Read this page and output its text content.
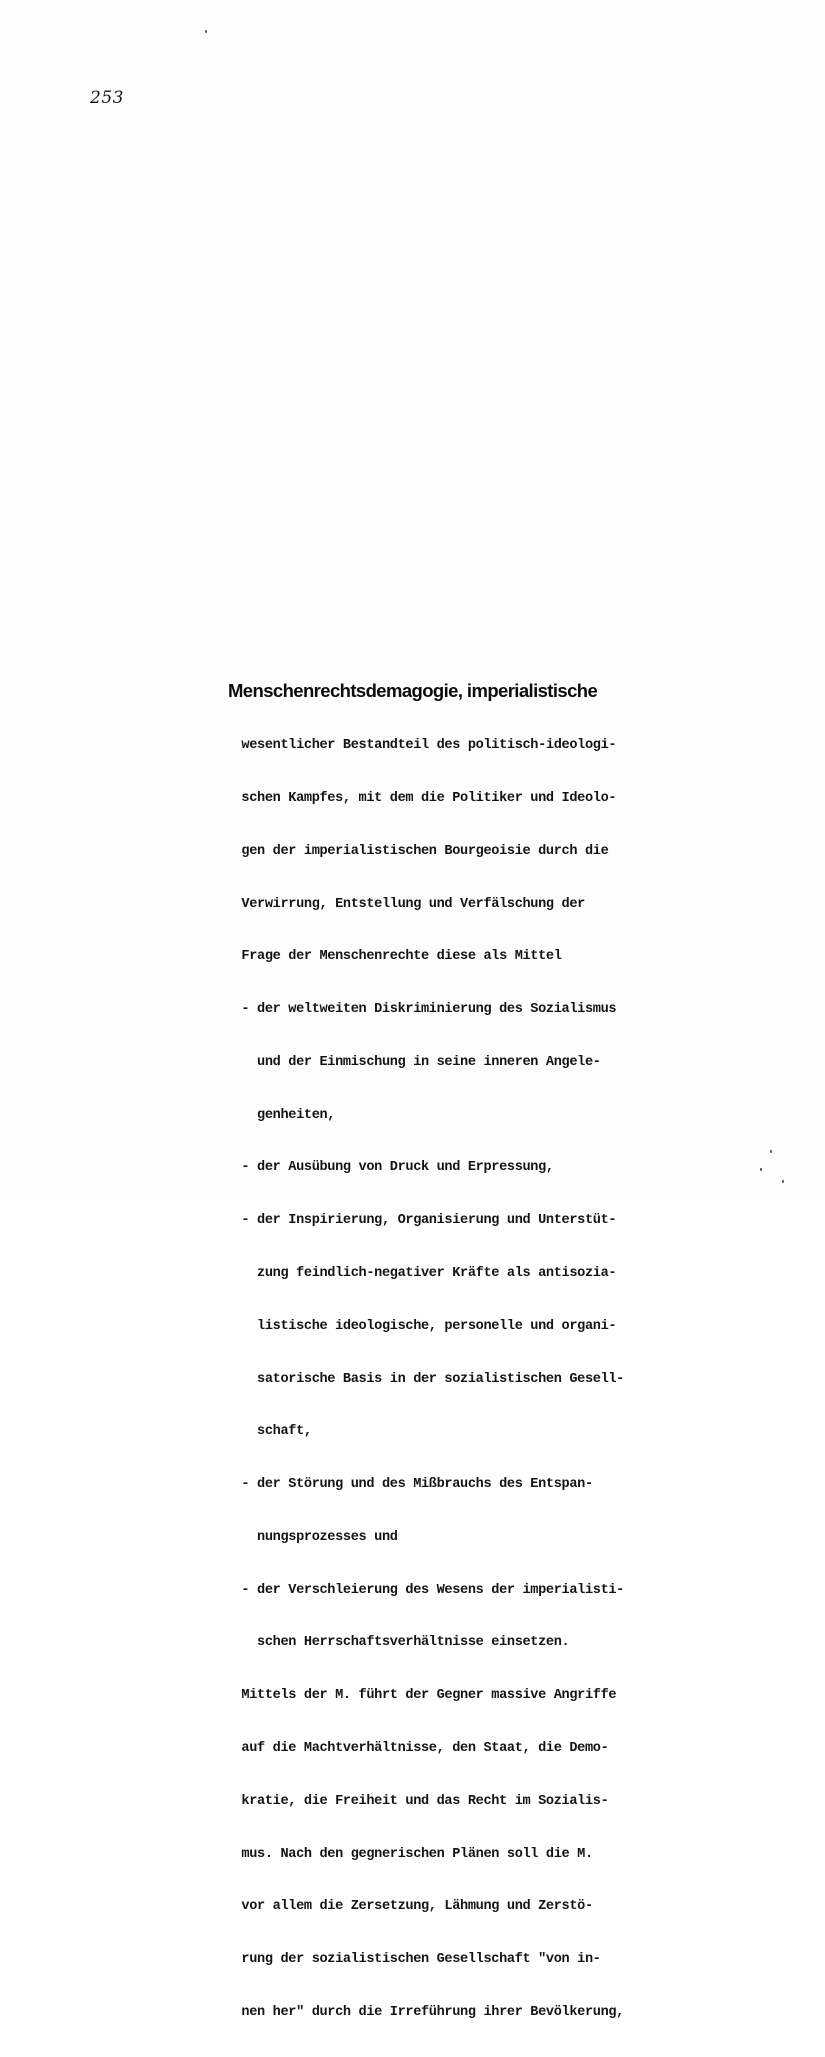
253
Menschenrechtsdemagogie, imperialistische

wesentlicher Bestandteil des politisch-ideologi-

schen Kampfes, mit dem die Politiker und Ideolo-

gen der imperialistischen Bourgeoisie durch die

Verwirrung, Entstellung und Verfälschung der

Frage der Menschenrechte diese als Mittel

- der weltweiten Diskriminierung des Sozialismus

und der Einmischung in seine inneren Angele-

genheiten,

- der Ausübung von Druck und Erpressung,

- der Inspirierung, Organisierung und Unterstüt-

zung feindlich-negativer Kräfte als antisozia-

listische ideologische, personelle und organi-

satorische Basis in der sozialistischen Gesell-

schaft,

- der Störung und des Mißbrauchs des Entspan-

nungsprozesses und

- der Verschleierung des Wesens der imperialisti-

schen Herrschaftsverhältnisse einsetzen.

Mittels der M. führt der Gegner massive Angriffe

auf die Machtverhältnisse, den Staat, die Demo-

kratie, die Freiheit und das Recht im Sozialis-

mus. Nach den gegnerischen Plänen soll die M.

vor allem die Zersetzung, Lähmung und Zerstö-

rung der sozialistischen Gesellschaft "von in-

nen her" durch die Irreführung ihrer Bevölkerung,
